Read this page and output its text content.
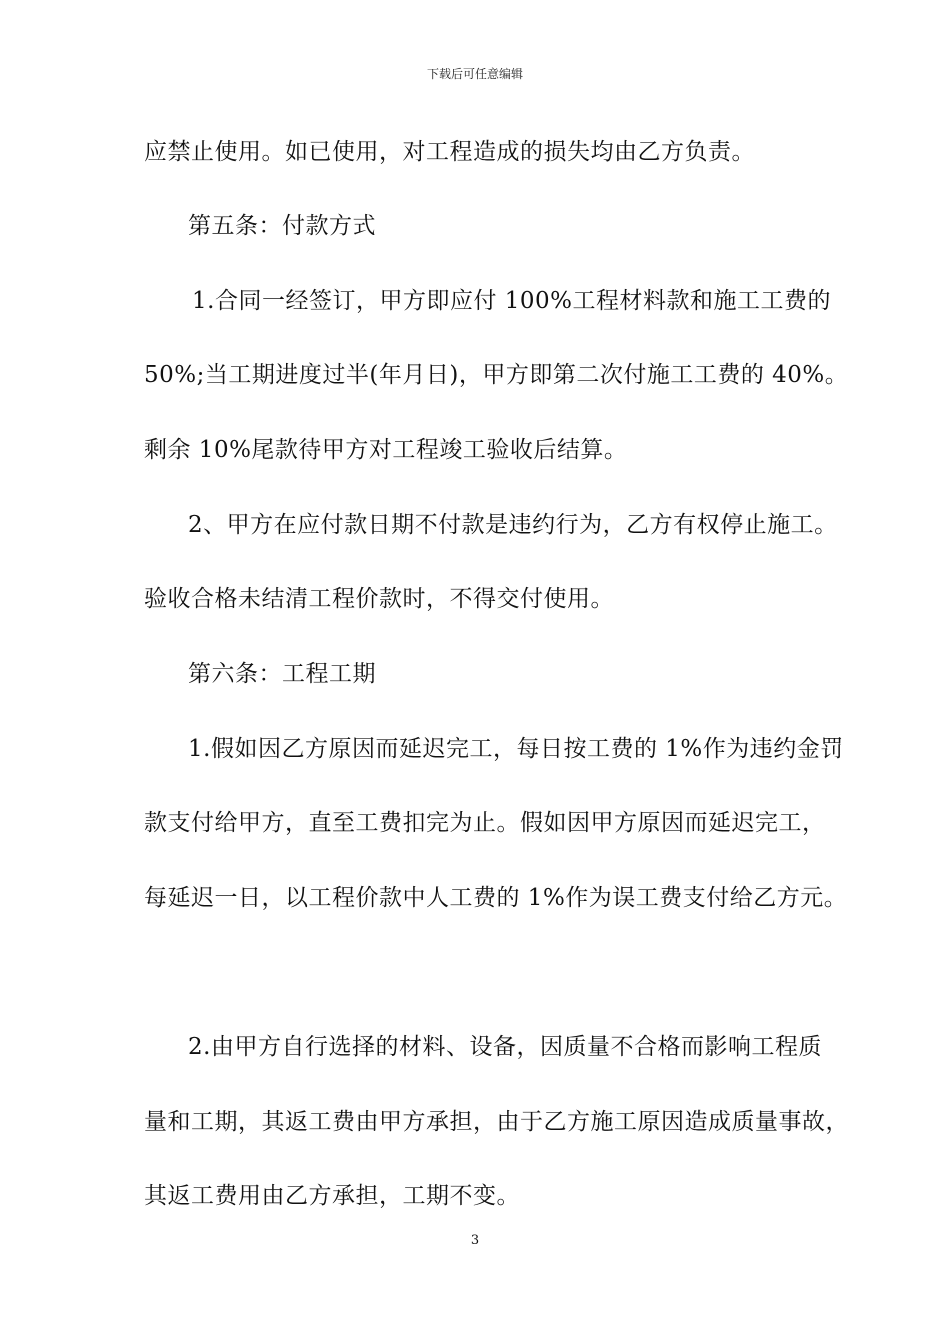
下载后可任意编辑
应禁止使用。如已使用，对工程造成的损失均由乙方负责。
第五条：付款方式
1.合同一经签订，甲方即应付 100%工程材料款和施工工费的
50%;当工期进度过半(年月日)，甲方即第二次付施工工费的 40%。
剩余 10%尾款待甲方对工程竣工验收后结算。
2、甲方在应付款日期不付款是违约行为，乙方有权停止施工。
验收合格未结清工程价款时，不得交付使用。
第六条：工程工期
1.假如因乙方原因而延迟完工，每日按工费的 1%作为违约金罚
款支付给甲方，直至工费扣完为止。假如因甲方原因而延迟完工，
每延迟一日，以工程价款中人工费的 1%作为误工费支付给乙方元。
2.由甲方自行选择的材料、设备，因质量不合格而影响工程质
量和工期，其返工费由甲方承担，由于乙方施工原因造成质量事故，
其返工费用由乙方承担，工期不变。
3
